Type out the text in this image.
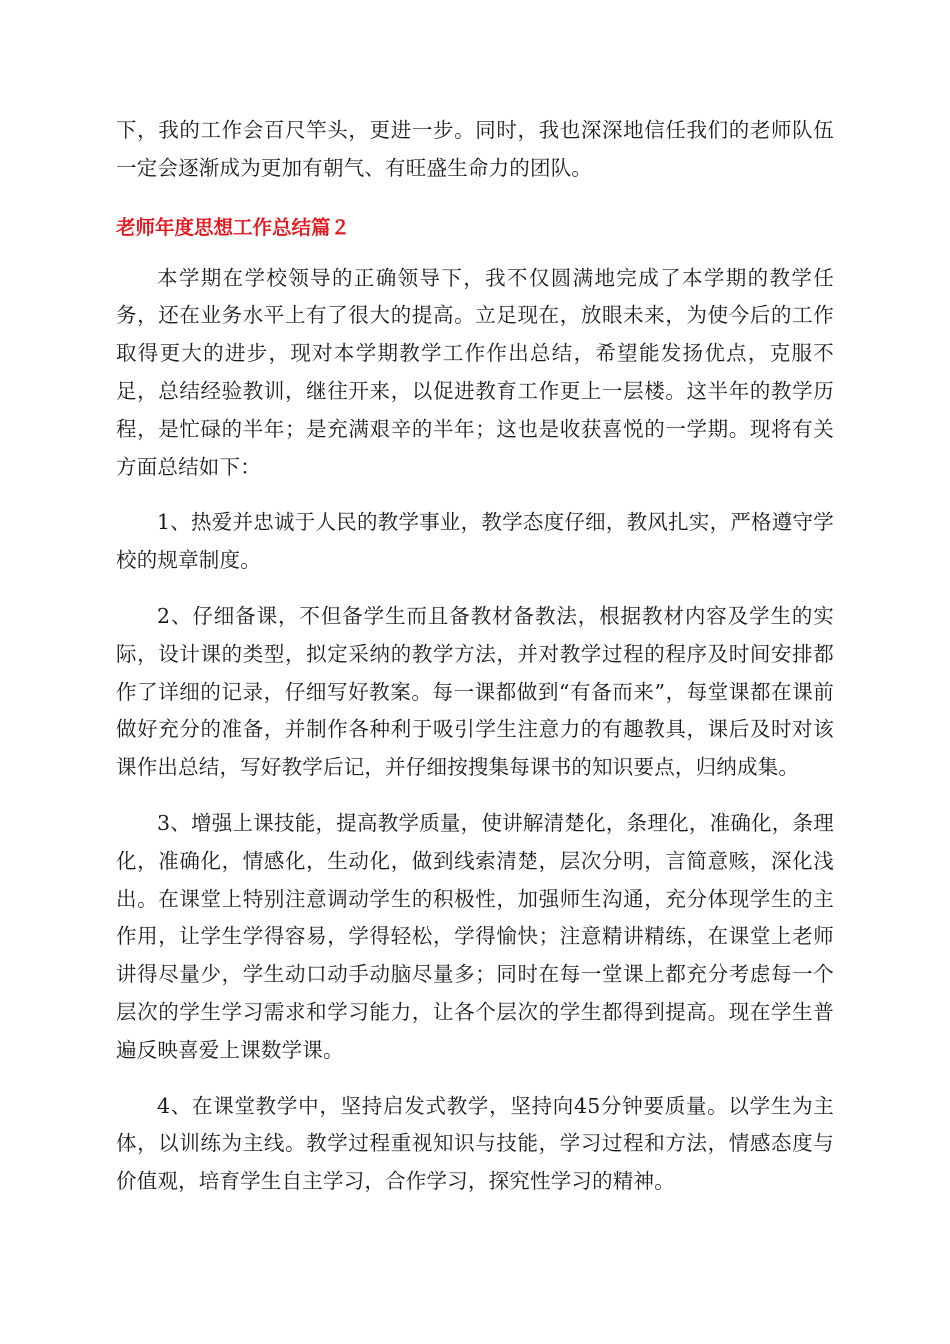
下，我的工作会百尺竿头，更进一步。同时，我也深深地信任我们的老师队伍一定会逐渐成为更加有朝气、有旺盛生命力的团队。

老师年度思想工作总结篇２

本学期在学校领导的正确领导下，我不仅圆满地完成了本学期的教学任务，还在业务水平上有了很大的提高。立足现在，放眼未来，为使今后的工作取得更大的进步，现对本学期教学工作作出总结，希望能发扬优点，克服不足，总结经验教训，继往开来，以促进教育工作更上一层楼。这半年的教学历程，是忙碌的半年；是充满艰辛的半年；这也是收获喜悦的一学期。现将有关方面总结如下：

1、热爱并忠诚于人民的教学事业，教学态度仔细，教风扎实，严格遵守学校的规章制度。

2、仔细备课，不但备学生而且备教材备教法，根据教材内容及学生的实际，设计课的类型，拟定采纳的教学方法，并对教学过程的程序及时间安排都作了详细的记录，仔细写好教案。每一课都做到“有备而来”，每堂课都在课前做好充分的准备，并制作各种利于吸引学生注意力的有趣教具，课后及时对该课作出总结，写好教学后记，并仔细按搜集每课书的知识要点，归纳成集。

3、增强上课技能，提高教学质量，使讲解清楚化，条理化，准确化，条理化，准确化，情感化，生动化，做到线索清楚，层次分明，言简意赅，深化浅出。在课堂上特别注意调动学生的积极性，加强师生沟通，充分体现学生的主作用，让学生学得容易，学得轻松，学得愉快；注意精讲精练，在课堂上老师讲得尽量少，学生动口动手动脑尽量多；同时在每一堂课上都充分考虑每一个层次的学生学习需求和学习能力，让各个层次的学生都得到提高。现在学生普遍反映喜爱上课数学课。

4、在课堂教学中，坚持启发式教学，坚持向45分钟要质量。以学生为主体，以训练为主线。教学过程重视知识与技能，学习过程和方法，情感态度与价值观，培育学生自主学习，合作学习，探究性学习的精神。
